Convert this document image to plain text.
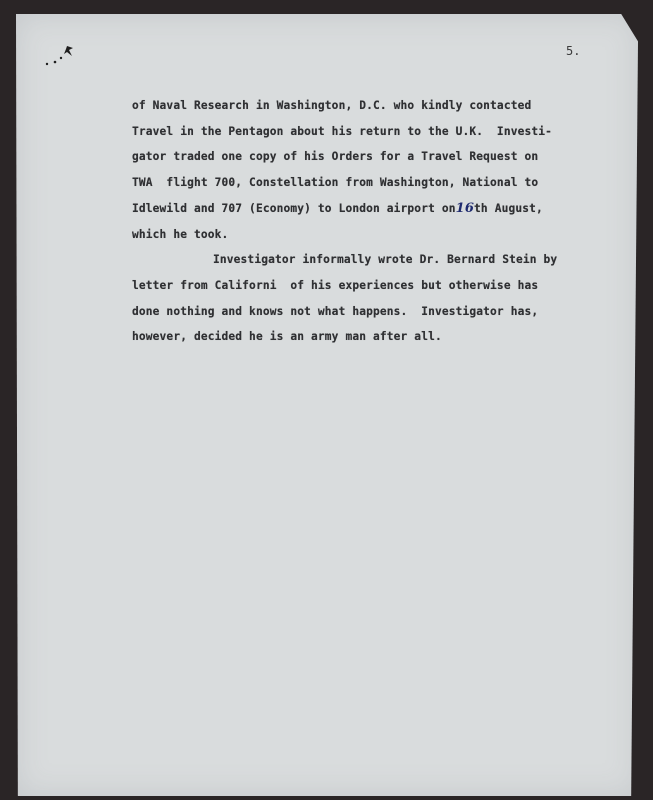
5.
of Naval Research in Washington, D.C. who kindly contacted
Travel in the Pentagon about his return to the U.K.  Investi-
gator traded one copy of his Orders for a Travel Request on
TWA  flight 700, Constellation from Washington, National to
Idlewild and 707 (Economy) to London airport on16th August,
which he took.
Investigator informally wrote Dr. Bernard Stein by
letter from Californi  of his experiences but otherwise has
done nothing and knows not what happens.  Investigator has,
however, decided he is an army man after all.
